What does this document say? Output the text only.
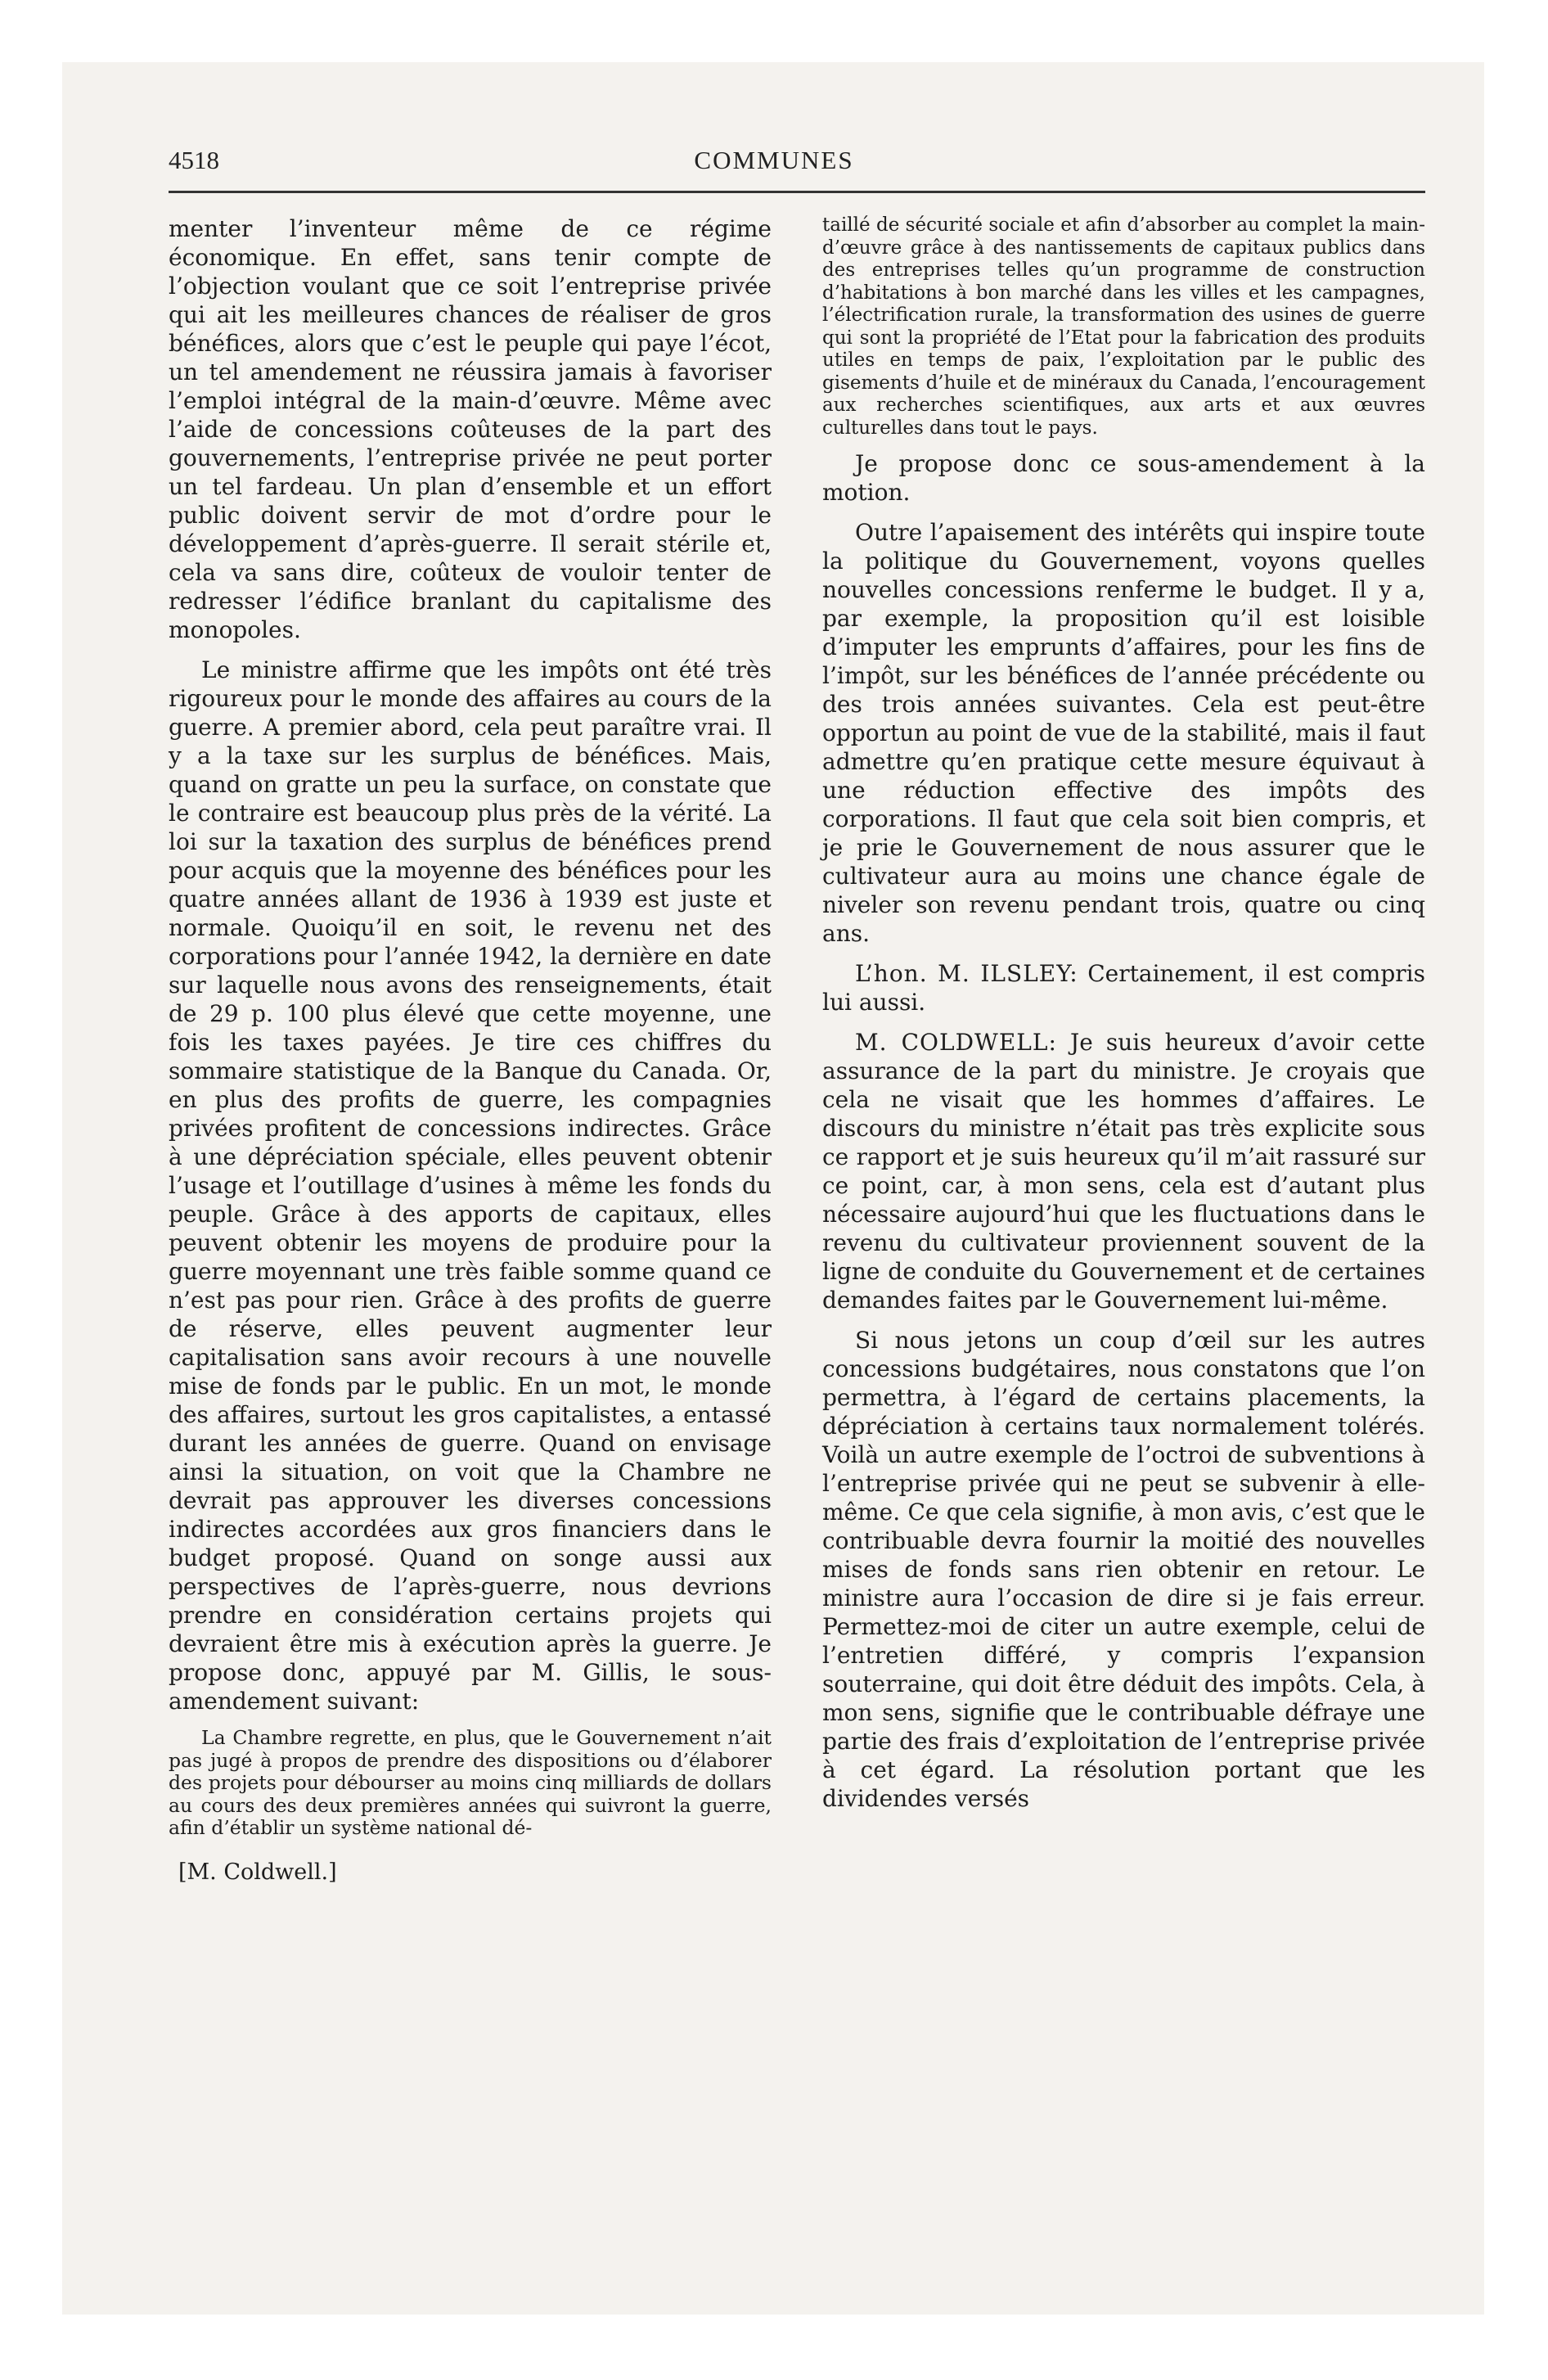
4518	COMMUNES

menter l’inventeur même de ce régime économique. En effet, sans tenir compte de l’objection voulant que ce soit l’entreprise privée qui ait les meilleures chances de réaliser de gros bénéfices, alors que c’est le peuple qui paye l’écot, un tel amendement ne réussira jamais à favoriser l’emploi intégral de la main-d’œuvre. Même avec l’aide de concessions coûteuses de la part des gouvernements, l’entreprise privée ne peut porter un tel fardeau. Un plan d’ensemble et un effort public doivent servir de mot d’ordre pour le développement d’après-guerre. Il serait stérile et, cela va sans dire, coûteux de vouloir tenter de redresser l’édifice branlant du capitalisme des monopoles.

Le ministre affirme que les impôts ont été très rigoureux pour le monde des affaires au cours de la guerre. A premier abord, cela peut paraître vrai. Il y a la taxe sur les surplus de bénéfices. Mais, quand on gratte un peu la surface, on constate que le contraire est beaucoup plus près de la vérité. La loi sur la taxation des surplus de bénéfices prend pour acquis que la moyenne des bénéfices pour les quatre années allant de 1936 à 1939 est juste et normale. Quoiqu’il en soit, le revenu net des corporations pour l’année 1942, la dernière en date sur laquelle nous avons des renseignements, était de 29 p. 100 plus élevé que cette moyenne, une fois les taxes payées. Je tire ces chiffres du sommaire statistique de la Banque du Canada. Or, en plus des profits de guerre, les compagnies privées profitent de concessions indirectes. Grâce à une dépréciation spéciale, elles peuvent obtenir l’usage et l’outillage d’usines à même les fonds du peuple. Grâce à des apports de capitaux, elles peuvent obtenir les moyens de produire pour la guerre moyennant une très faible somme quand ce n’est pas pour rien. Grâce à des profits de guerre de réserve, elles peuvent augmenter leur capitalisation sans avoir recours à une nouvelle mise de fonds par le public. En un mot, le monde des affaires, surtout les gros capitalistes, a entassé durant les années de guerre. Quand on envisage ainsi la situation, on voit que la Chambre ne devrait pas approuver les diverses concessions indirectes accordées aux gros financiers dans le budget proposé. Quand on songe aussi aux perspectives de l’après-guerre, nous devrions prendre en considération certains projets qui devraient être mis à exécution après la guerre. Je propose donc, appuyé par M. Gillis, le sous-amendement suivant:

La Chambre regrette, en plus, que le Gouvernement n’ait pas jugé à propos de prendre des dispositions ou d’élaborer des projets pour débourser au moins cinq milliards de dollars au cours des deux premières années qui suivront la guerre, afin d’établir un système national dé-

[M. Coldwell.]

taillé de sécurité sociale et afin d’absorber au complet la main-d’œuvre grâce à des nantissements de capitaux publics dans des entreprises telles qu’un programme de construction d’habitations à bon marché dans les villes et les campagnes, l’électrification rurale, la transformation des usines de guerre qui sont la propriété de l’Etat pour la fabrication des produits utiles en temps de paix, l’exploitation par le public des gisements d’huile et de minéraux du Canada, l’encouragement aux recherches scientifiques, aux arts et aux œuvres culturelles dans tout le pays.

Je propose donc ce sous-amendement à la motion.

Outre l’apaisement des intérêts qui inspire toute la politique du Gouvernement, voyons quelles nouvelles concessions renferme le budget. Il y a, par exemple, la proposition qu’il est loisible d’imputer les emprunts d’affaires, pour les fins de l’impôt, sur les bénéfices de l’année précédente ou des trois années suivantes. Cela est peut-être opportun au point de vue de la stabilité, mais il faut admettre qu’en pratique cette mesure équivaut à une réduction effective des impôts des corporations. Il faut que cela soit bien compris, et je prie le Gouvernement de nous assurer que le cultivateur aura au moins une chance égale de niveler son revenu pendant trois, quatre ou cinq ans.

L’hon. M. ILSLEY: Certainement, il est compris lui aussi.

M. COLDWELL: Je suis heureux d’avoir cette assurance de la part du ministre. Je croyais que cela ne visait que les hommes d’affaires. Le discours du ministre n’était pas très explicite sous ce rapport et je suis heureux qu’il m’ait rassuré sur ce point, car, à mon sens, cela est d’autant plus nécessaire aujourd’hui que les fluctuations dans le revenu du cultivateur proviennent souvent de la ligne de conduite du Gouvernement et de certaines demandes faites par le Gouvernement lui-même.

Si nous jetons un coup d’œil sur les autres concessions budgétaires, nous constatons que l’on permettra, à l’égard de certains placements, la dépréciation à certains taux normalement tolérés. Voilà un autre exemple de l’octroi de subventions à l’entreprise privée qui ne peut se subvenir à elle-même. Ce que cela signifie, à mon avis, c’est que le contribuable devra fournir la moitié des nouvelles mises de fonds sans rien obtenir en retour. Le ministre aura l’occasion de dire si je fais erreur. Permettez-moi de citer un autre exemple, celui de l’entretien différé, y compris l’expansion souterraine, qui doit être déduit des impôts. Cela, à mon sens, signifie que le contribuable défraye une partie des frais d’exploitation de l’entreprise privée à cet égard. La résolution portant que les dividendes versés
